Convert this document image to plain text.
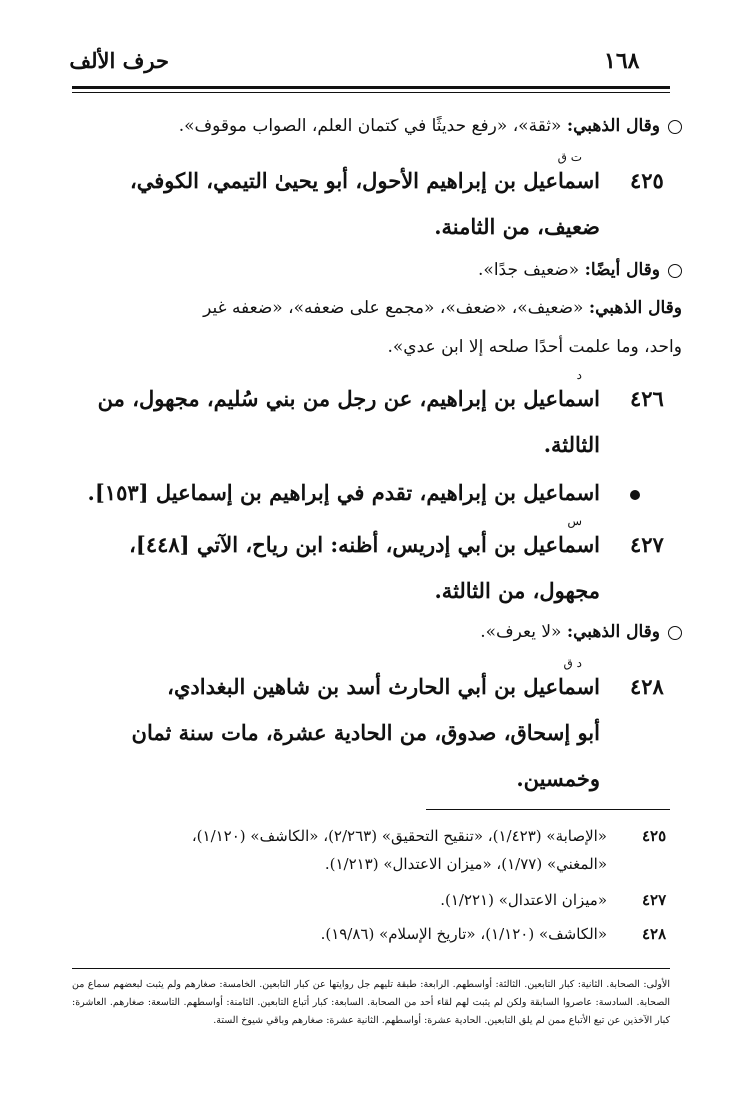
١٦٨
حرف الألف
وقال الذهبي: «ثقة»، «رفع حديثًا في كتمان العلم، الصواب موقوف».
ت ق
٤٢٥
اسماعيل بن إبراهيم الأحول، أبو يحيىٰ التيمي، الكوفي،
ضعيف، من الثامنة.
وقال أيضًا: «ضعيف جدًا».
وقال الذهبي: «ضعيف»، «ضعف»، «مجمع على ضعفه»، «ضعفه غير
واحد، وما علمت أحدًا صلحه إلا ابن عدي».
د
٤٢٦
اسماعيل بن إبراهيم، عن رجل من بني سُليم، مجهول، من
الثالثة.
اسماعيل بن إبراهيم، تقدم في إبراهيم بن إسماعيل [١٥٣].
س
٤٢٧
اسماعيل بن أبي إدريس، أظنه: ابن رياح، الآتي [٤٤٨]،
مجهول، من الثالثة.
وقال الذهبي: «لا يعرف».
د ق
٤٢٨
اسماعيل بن أبي الحارث أسد بن شاهين البغدادي،
أبو إسحاق، صدوق، من الحادية عشرة، مات سنة ثمان
وخمسين.
٤٢٥
«الإصابة» (١/٤٢٣)، «تنقيح التحقيق» (٢/٢٦٣)، «الكاشف» (١/١٢٠)،
«المغني» (١/٧٧)، «ميزان الاعتدال» (١/٢١٣).
٤٢٧
«ميزان الاعتدال» (١/٢٢١).
٤٢٨
«الكاشف» (١/١٢٠)، «تاريخ الإسلام» (١٩/٨٦).
الأولى: الصحابة. الثانية: كبار التابعين. الثالثة: أواسطهم. الرابعة: طبقة تليهم جل روايتها عن كبار التابعين. الخامسة: صغارهم ولم يثبت لبعضهم سماع من الصحابة. السادسة: عاصروا السابقة ولكن لم يثبت لهم لقاء أحد من الصحابة. السابعة: كبار أتباع التابعين. الثامنة: أواسطهم. التاسعة: صغارهم. العاشرة: كبار الآخذين عن تبع الأتباع ممن لم يلق التابعين. الحادية عشرة: أواسطهم. الثانية عشرة: صغارهم وباقي شيوخ الستة.
